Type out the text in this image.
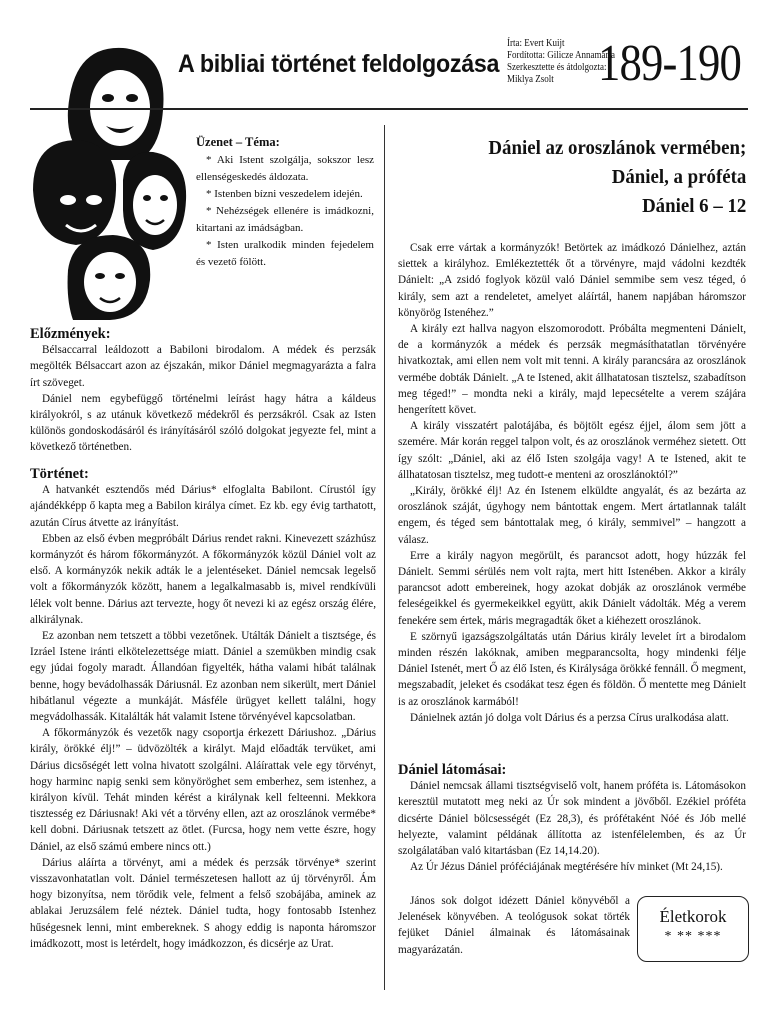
A bibliai történet feldolgozása
Írta: Evert Kuijt
Fordította: Gilicze Annamária
Szerkesztette és átdolgozta:
Miklya Zsolt 189-190
Üzenet – Téma:

* Aki Istent szolgálja, sokszor lesz ellenségeskedés áldozata.

* Istenben bízni veszedelem idején.

* Nehézségek ellenére is imádkozni, kitartani az imádságban.

* Isten uralkodik minden fejedelem és vezető fölött.

Előzmények:

Bélsaccarral leáldozott a Babiloni birodalom. A médek és perzsák megölték Bélsaccart azon az éjszakán, mikor Dániel megmagyarázta a falra írt szöveget.

Dániel nem egybefüggő történelmi leírást hagy hátra a káldeus királyokról, s az utánuk következő médekről és perzsákról. Csak az Isten különös gondoskodásáról és irányításáról szóló dolgokat jegyezte fel, mint a következő történetben.

Történet:

A hatvankét esztendős méd Dárius* elfoglalta Babilont. Círustól így ajándékképp ő kapta meg a Babilon királya címet. Ez kb. egy évig tarthatott, azután Círus átvette az irányítást.

Ebben az első évben megpróbált Dárius rendet rakni. Kinevezett százhúsz kormányzót és három főkormányzót. A főkormányzók közül Dániel volt az első. A kormányzók nekik adták le a jelentéseket. Dániel nemcsak legelső volt a főkormányzók között, hanem a legalkalmasabb is, mivel rendkívüli lélek volt benne. Dárius azt tervezte, hogy őt nevezi ki az egész ország élére, alkirálynak.

Ez azonban nem tetszett a többi vezetőnek. Utálták Dánielt a tisztsége, és Izráel Istene iránti elkötelezettsége miatt. Dániel a szemükben mindig csak egy júdai fogoly maradt. Állandóan figyelték, hátha valami hibát találnak benne, hogy bevádolhassák Dáriusnál. Ez azonban nem sikerült, mert Dániel hibátlanul végezte a munkáját. Másféle ürügyet kellett találni, hogy megvádolhassák. Kitalálták hát valamit Istene törvényével kapcsolatban.

A főkormányzók és vezetők nagy csoportja érkezett Dáriushoz. „Dárius király, örökké élj!” – üdvözölték a királyt. Majd előadták tervüket, ami Dárius dicsőségét lett volna hivatott szolgálni. Aláírattak vele egy törvényt, hogy harminc napig senki sem könyöröghet sem emberhez, sem istenhez, a királyon kívül. Tehát minden kérést a királynak kell felteenni. Mekkora tisztesség ez Dáriusnak! Aki vét a törvény ellen, azt az oroszlánok vermébe* kell dobni. Dáriusnak tetszett az ötlet. (Furcsa, hogy nem vette észre, hogy Dániel, az első számú embere nincs ott.)

Dárius aláírta a törvényt, ami a médek és perzsák törvénye* szerint visszavonhatatlan volt. Dániel természetesen hallott az új törvényről. Ám hogy bizonyítsa, nem törődik vele, felment a felső szobájába, aminek az ablakai Jeruzsálem felé néztek. Dániel tudta, hogy fontosabb Istenhez hűségesnek lenni, mint embereknek. S ahogy eddig is naponta háromszor imádkozott, most is letérdelt, hogy imádkozzon, és dicsérje az Urat.

Dániel az oroszlánok vermében;
Dániel, a próféta
Dániel 6 – 12

Csak erre vártak a kormányzók! Betörtek az imádkozó Dánielhez, aztán siettek a királyhoz. Emlékeztették őt a törvényre, majd vádolni kezdték Dánielt: „A zsidó foglyok közül való Dániel semmibe sem vesz téged, ó király, sem azt a rendeletet, amelyet aláírtál, hanem napjában háromszor könyörög Istenéhez.”

A király ezt hallva nagyon elszomorodott. Próbálta megmenteni Dánielt, de a kormányzók a médek és perzsák megmásíthatatlan törvényére hivatkoztak, ami ellen nem volt mit tenni. A király parancsára az oroszlánok vermébe dobták Dánielt. „A te Istened, akit állhatatosan tisztelsz, szabadítson meg téged!” – mondta neki a király, majd lepecsételte a verem szájára hengerített követ.

A király visszatért palotájába, és böjtölt egész éjjel, álom sem jött a szemére. Már korán reggel talpon volt, és az oroszlánok verméhez sietett. Ott így szólt: „Dániel, aki az élő Isten szolgája vagy! A te Istened, akit te állhatatosan tisztelsz, meg tudott-e menteni az oroszlánoktól?”

„Király, örökké élj! Az én Istenem elküldte angyalát, és az bezárta az oroszlánok száját, úgyhogy nem bántottak engem. Mert ártatlannak talált engem, és téged sem bántottalak meg, ó király, semmivel” – hangzott a válasz.

Erre a király nagyon megörült, és parancsot adott, hogy húzzák fel Dánielt. Semmi sérülés nem volt rajta, mert hitt Istenében. Akkor a király parancsot adott embereinek, hogy azokat dobják az oroszlánok vermébe feleségeikkel és gyermekeikkel együtt, akik Dánielt vádolták. Még a verem fenekére sem értek, máris megragadták őket a kiéhezett oroszlánok.

E szörnyű igazságszolgáltatás után Dárius király levelet írt a birodalom minden részén lakóknak, amiben megparancsolta, hogy mindenki félje Dániel Istenét, mert Ő az élő Isten, és Királysága örökké fennáll. Ő megment, megszabadít, jeleket és csodákat tesz égen és földön. Ő mentette meg Dánielt is az oroszlánok karmából!

Dánielnek aztán jó dolga volt Dárius és a perzsa Círus uralkodása alatt.

Dániel látomásai:

Dániel nemcsak állami tisztségviselő volt, hanem próféta is. Látomásokon keresztül mutatott meg neki az Úr sok mindent a jövőből. Ezékiel próféta dicsérte Dániel bölcsességét (Ez 28,3), és prófétaként Nóé és Jób mellé helyezte, valamint példának állította az istenfélelemben, és az Úr szolgálatában való kitartásban (Ez 14,14.20).

Az Úr Jézus Dániel próféciájának megtérésére hív minket (Mt 24,15).

János sok dolgot idézett Dániel könyvéből a Jelenések könyvében. A teológusok sokat törték fejüket Dániel álmainak és látomásainak magyarázatán.

Életkorok
* ** ***
